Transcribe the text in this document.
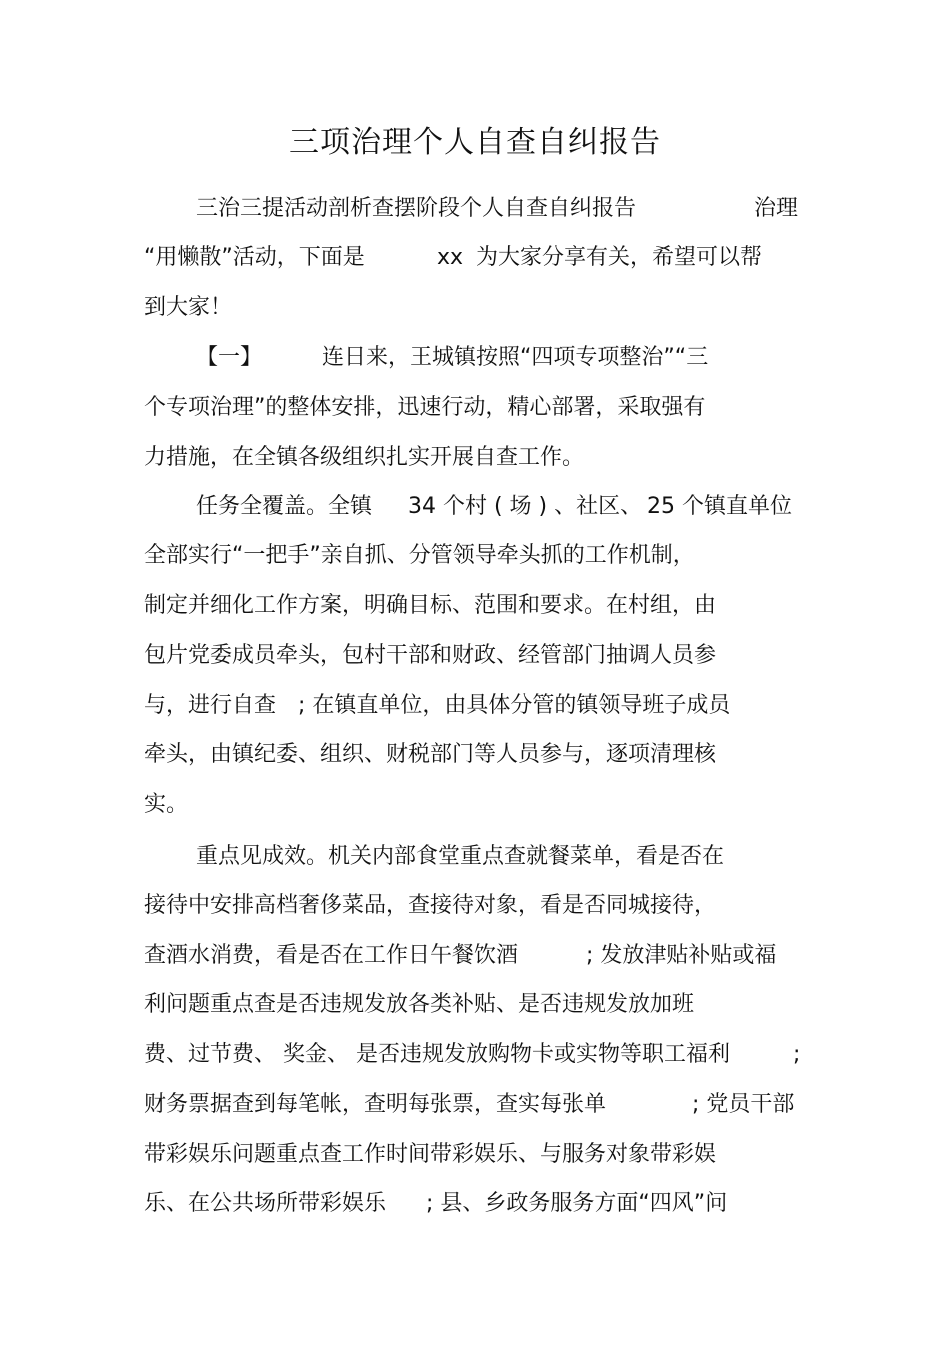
三项治理个人自查自纠报告
三治三提活动剖析查摆阶段个人自查自纠报告	治理
“用懒散”活动，下面是	xx 为大家分享有关，希望可以帮
到大家！
【一】	连日来，王城镇按照“四项专项整治”“三
个专项治理”的整体安排，迅速行动，精心部署，采取强有
力措施，在全镇各级组织扎实开展自查工作。
任务全覆盖。全镇 34 个村 ( 场 ) 、社区、 25 个镇直单位
全部实行“一把手”亲自抓、分管领导牵头抓的工作机制，
制定并细化工作方案，明确目标、范围和要求。在村组，由
包片党委成员牵头，包村干部和财政、经管部门抽调人员参
与，进行自查 ; 在镇直单位，由具体分管的镇领导班子成员
牵头，由镇纪委、组织、财税部门等人员参与，逐项清理核
实。
重点见成效。机关内部食堂重点查就餐菜单，看是否在
接待中安排高档奢侈菜品，查接待对象，看是否同城接待，
查酒水消费，看是否在工作日午餐饮酒	; 发放津贴补贴或福
利问题重点查是否违规发放各类补贴、是否违规发放加班
费、过节费、 奖金、 是否违规发放购物卡或实物等职工福利	;
财务票据查到每笔帐，查明每张票，查实每张单	; 党员干部
带彩娱乐问题重点查工作时间带彩娱乐、与服务对象带彩娱
乐、在公共场所带彩娱乐 ; 县、乡政务服务方面“四风”问
